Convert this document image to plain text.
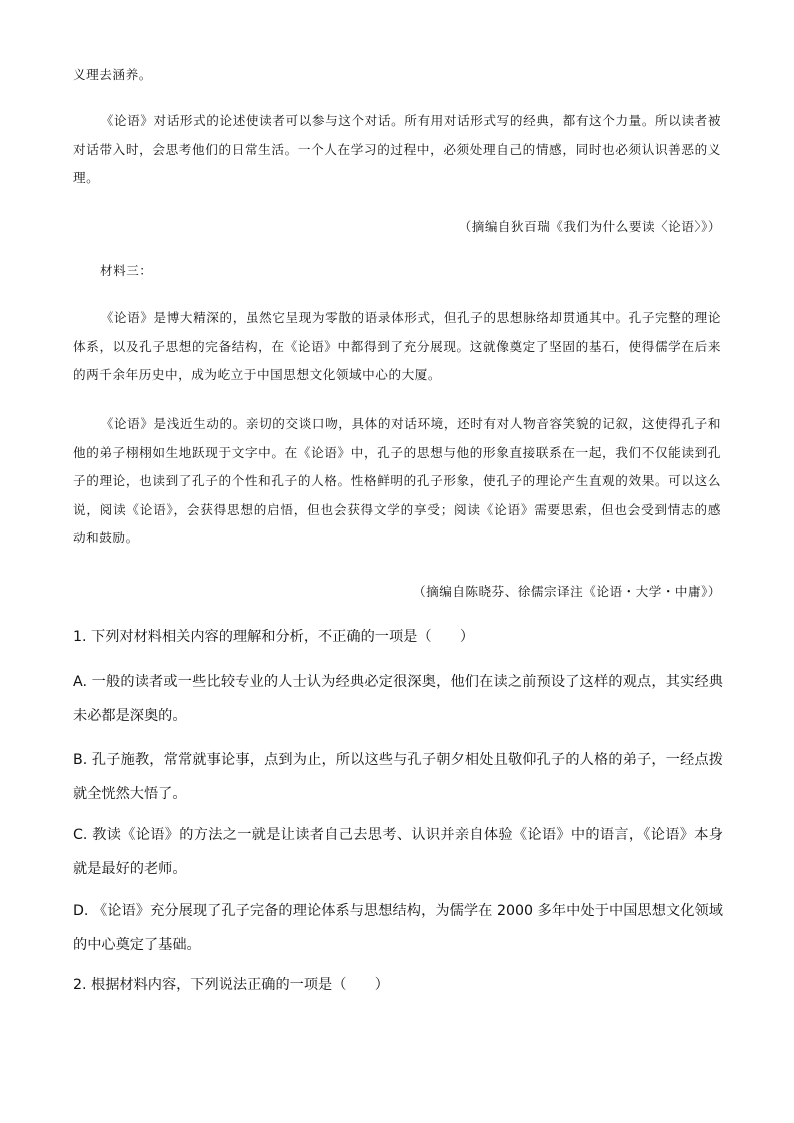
义理去涵养。

《论语》对话形式的论述使读者可以参与这个对话。所有用对话形式写的经典，都有这个力量。所以读者被对话带入时，会思考他们的日常生活。一个人在学习的过程中，必须处理自己的情感，同时也必须认识善恶的义理。

（摘编自狄百瑞《我们为什么要读〈论语〉》）

材料三：

《论语》是博大精深的，虽然它呈现为零散的语录体形式，但孔子的思想脉络却贯通其中。孔子完整的理论体系，以及孔子思想的完备结构，在《论语》中都得到了充分展现。这就像奠定了坚固的基石，使得儒学在后来的两千余年历史中，成为屹立于中国思想文化领域中心的大厦。

《论语》是浅近生动的。亲切的交谈口吻，具体的对话环境，还时有对人物音容笑貌的记叙，这使得孔子和他的弟子栩栩如生地跃现于文字中。在《论语》中，孔子的思想与他的形象直接联系在一起，我们不仅能读到孔子的理论，也读到了孔子的个性和孔子的人格。性格鲜明的孔子形象，使孔子的理论产生直观的效果。可以这么说，阅读《论语》，会获得思想的启悟，但也会获得文学的享受；阅读《论语》需要思索，但也会受到情志的感动和鼓励。

（摘编自陈晓芬、徐儒宗译注《论语・大学・中庸》）

1. 下列对材料相关内容的理解和分析，不正确的一项是（　　）

A. 一般的读者或一些比较专业的人士认为经典必定很深奥，他们在读之前预设了这样的观点，其实经典未必都是深奥的。

B. 孔子施教，常常就事论事，点到为止，所以这些与孔子朝夕相处且敬仰孔子的人格的弟子，一经点拨就全恍然大悟了。

C. 教读《论语》的方法之一就是让读者自己去思考、认识并亲自体验《论语》中的语言，《论语》本身就是最好的老师。

D. 《论语》充分展现了孔子完备的理论体系与思想结构，为儒学在 2000 多年中处于中国思想文化领域的中心奠定了基础。

2. 根据材料内容，下列说法正确的一项是（　　）
